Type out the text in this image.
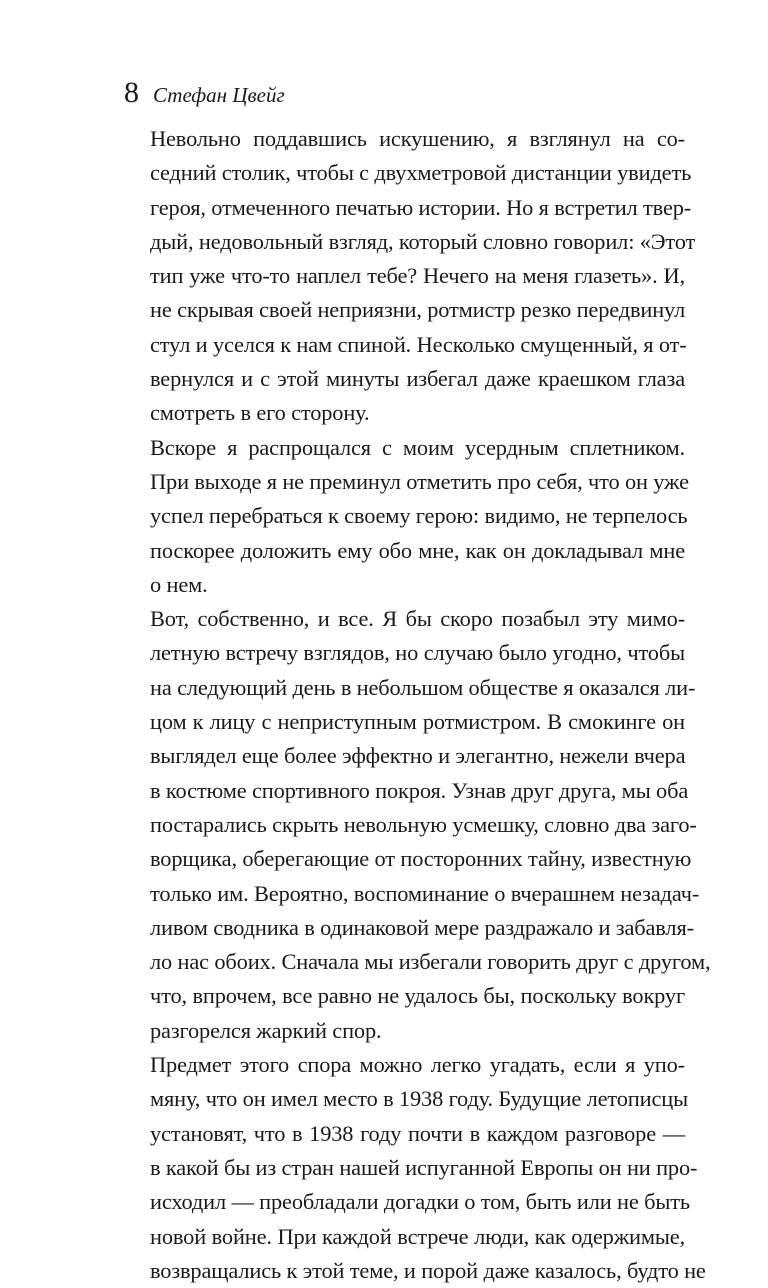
8 Стефан Цвейг

Невольно поддавшись искушению, я взглянул на со-
седний столик, чтобы с двухметровой дистанции увидеть
героя, отмеченного печатью истории. Но я встретил твер-
дый, недовольный взгляд, который словно говорил: «Этот
тип уже что-то наплел тебе? Нечего на меня глазеть». И,
не скрывая своей неприязни, ротмистр резко передвинул
стул и уселся к нам спиной. Несколько смущенный, я от-
вернулся и с этой минуты избегал даже краешком глаза
смотреть в его сторону.

Вскоре я распрощался с моим усердным сплетником.
При выходе я не преминул отметить про себя, что он уже
успел перебраться к своему герою: видимо, не терпелось
поскорее доложить ему обо мне, как он докладывал мне
о нем.

Вот, собственно, и все. Я бы скоро позабыл эту мимо-
летную встречу взглядов, но случаю было угодно, чтобы
на следующий день в небольшом обществе я оказался ли-
цом к лицу с неприступным ротмистром. В смокинге он
выглядел еще более эффектно и элегантно, нежели вчера
в костюме спортивного покроя. Узнав друг друга, мы оба
постарались скрыть невольную усмешку, словно два заго-
ворщика, оберегающие от посторонних тайну, известную
только им. Вероятно, воспоминание о вчерашнем незадач-
ливом сводника в одинаковой мере раздражало и забавля-
ло нас обоих. Сначала мы избегали говорить друг с другом,
что, впрочем, все равно не удалось бы, поскольку вокруг
разгорелся жаркий спор.

Предмет этого спора можно легко угадать, если я упо-
мяну, что он имел место в 1938 году. Будущие летописцы
установят, что в 1938 году почти в каждом разговоре —
в какой бы из стран нашей испуганной Европы он ни про-
исходил — преобладали догадки о том, быть или не быть
новой войне. При каждой встрече люди, как одержимые,
возвращались к этой теме, и порой даже казалось, будто не
